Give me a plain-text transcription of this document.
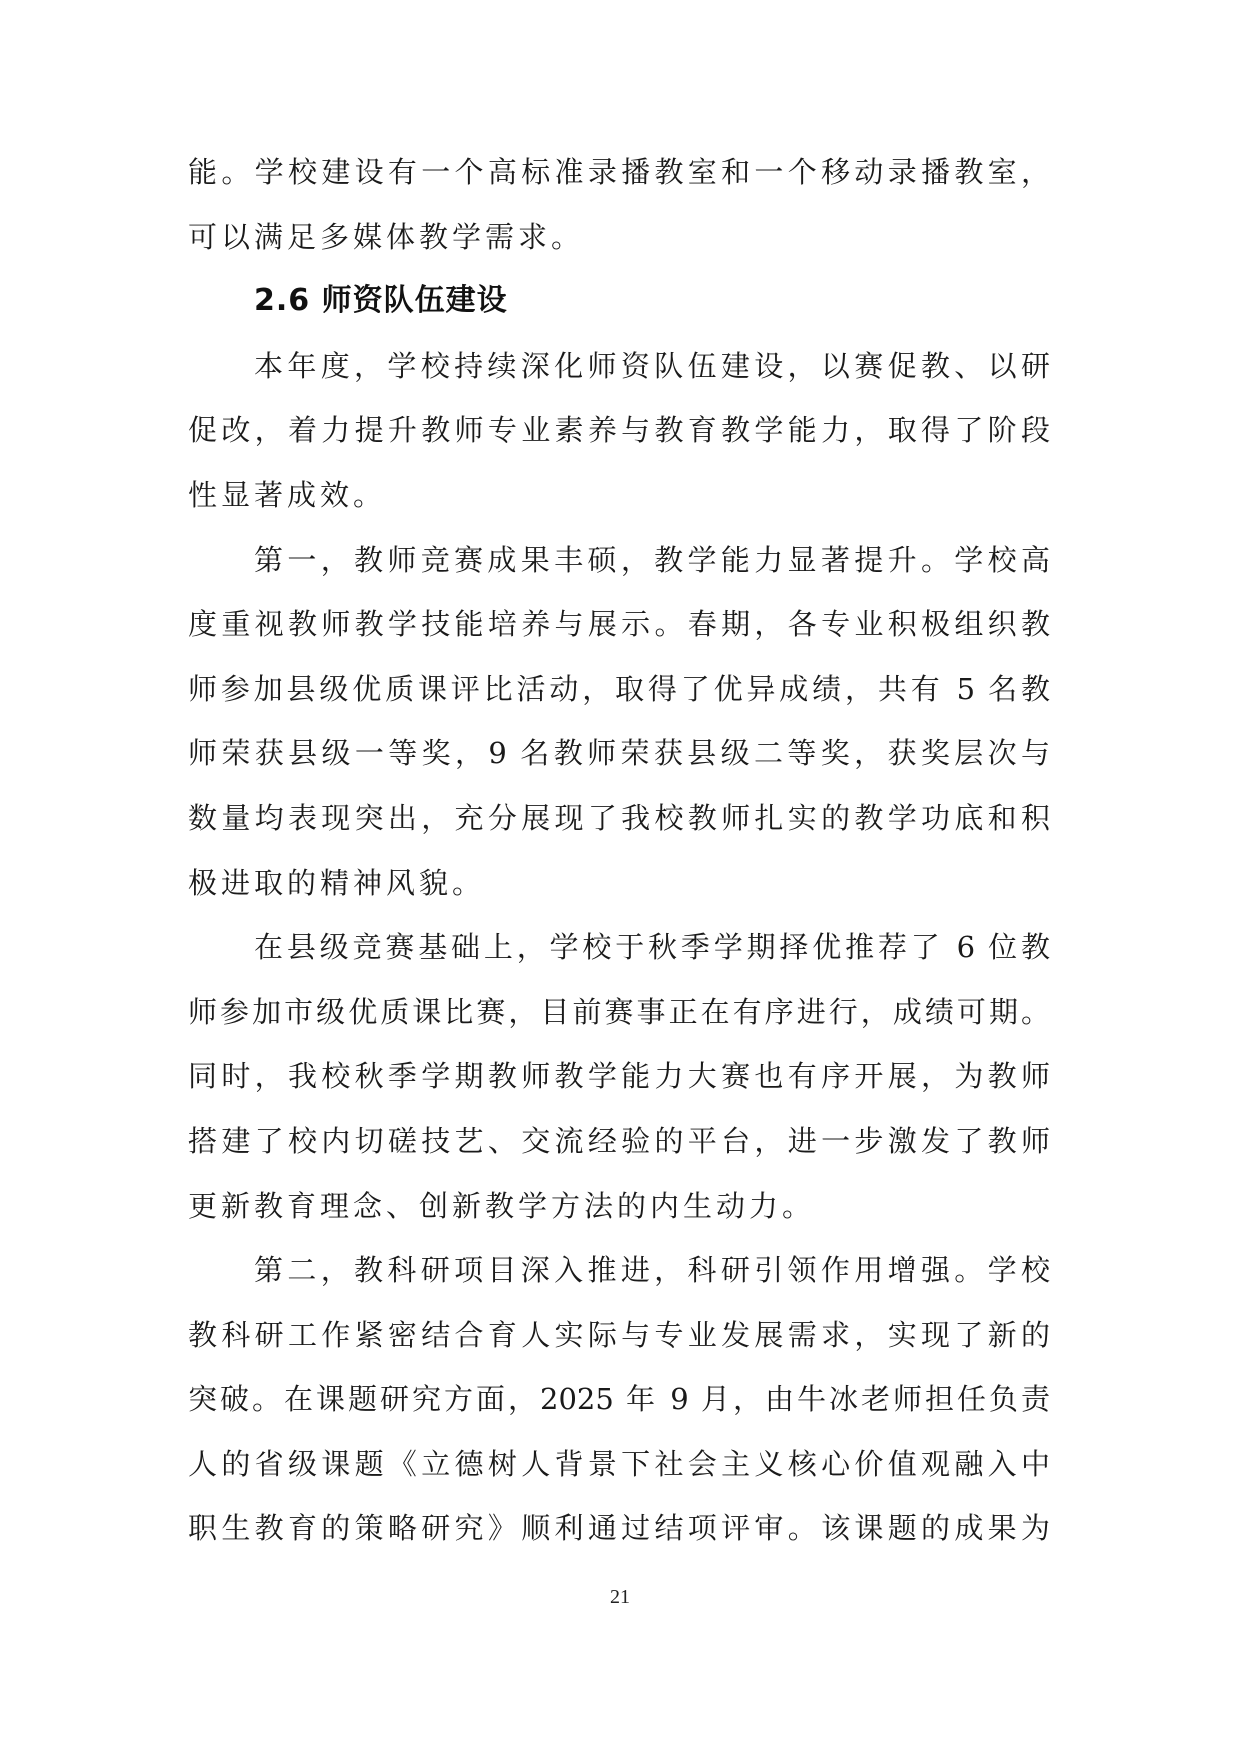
能。学校建设有一个高标准录播教室和一个移动录播教室，
可以满足多媒体教学需求。
2.6 师资队伍建设
本年度，学校持续深化师资队伍建设，以赛促教、以研
促改，着力提升教师专业素养与教育教学能力，取得了阶段
性显著成效。
第一，教师竞赛成果丰硕，教学能力显著提升。学校高
度重视教师教学技能培养与展示。春期，各专业积极组织教
师参加县级优质课评比活动，取得了优异成绩，共有 5 名教
师荣获县级一等奖，9 名教师荣获县级二等奖，获奖层次与
数量均表现突出，充分展现了我校教师扎实的教学功底和积
极进取的精神风貌。
在县级竞赛基础上，学校于秋季学期择优推荐了 6 位教
师参加市级优质课比赛，目前赛事正在有序进行，成绩可期。
同时，我校秋季学期教师教学能力大赛也有序开展，为教师
搭建了校内切磋技艺、交流经验的平台，进一步激发了教师
更新教育理念、创新教学方法的内生动力。
第二，教科研项目深入推进，科研引领作用增强。学校
教科研工作紧密结合育人实际与专业发展需求，实现了新的
突破。在课题研究方面，2025 年 9 月，由牛冰老师担任负责
人的省级课题《立德树人背景下社会主义核心价值观融入中
职生教育的策略研究》顺利通过结项评审。该课题的成果为
21
